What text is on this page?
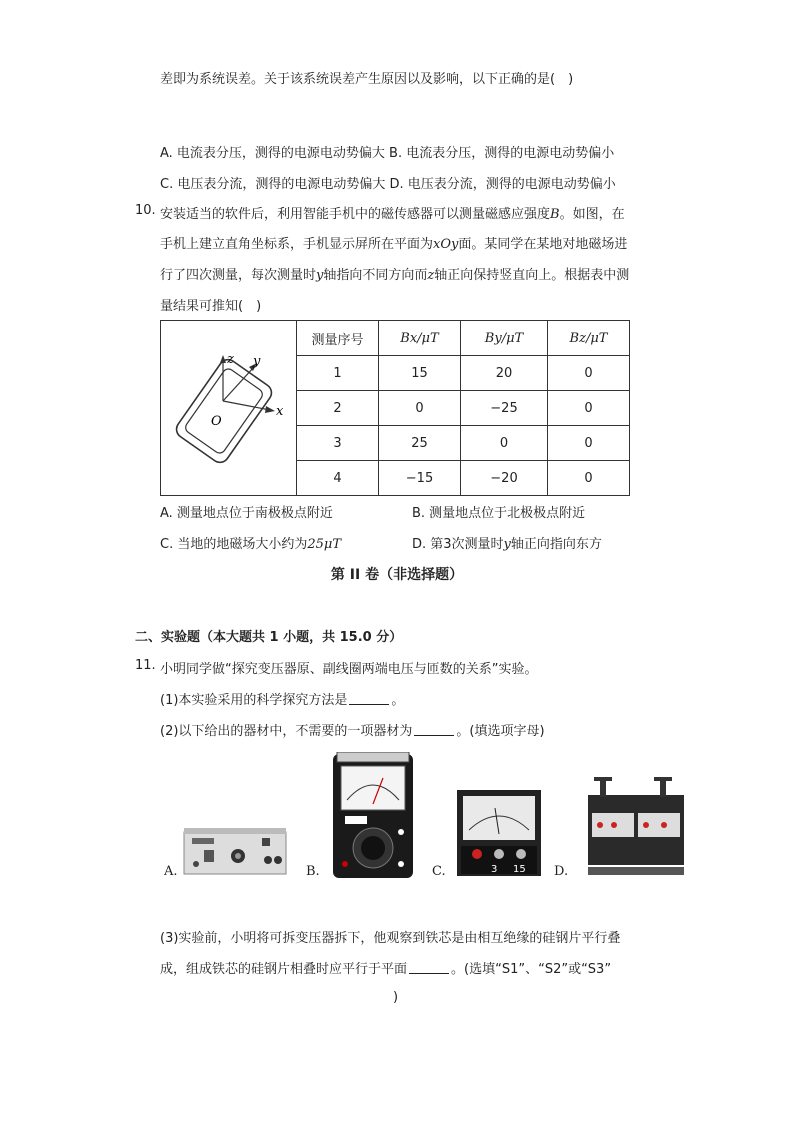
差即为系统误差。关于该系统误差产生原因以及影响，以下正确的是(　)
A. 电流表分压，测得的电源电动势偏大 B. 电流表分压，测得的电源电动势偏小
C. 电压表分流，测得的电源电动势偏大 D. 电压表分流，测得的电源电动势偏小
10. 安装适当的软件后，利用智能手机中的磁传感器可以测量磁感应强度B。如图，在
手机上建立直角坐标系，手机显示屏所在平面为xOy面。某同学在某地对地磁场进
行了四次测量，每次测量时y轴指向不同方向而z轴正向保持竖直向上。根据表中测
量结果可推知(　)
z y
x
O	测量序号	Bx/μT	By/μT	Bz/μT
	1	15	20	0
	2	0	−25	0
	3	25	0	0
	4	−15	−20	0
A. 测量地点位于南极极点附近	B. 测量地点位于北极极点附近
C. 当地的地磁场大小约为25μT	D. 第3次测量时y轴正向指向东方
第 II 卷（非选择题）
二、实验题（本大题共 1 小题，共 15.0 分）
11. 小明同学做“探究变压器原、副线圈两端电压与匝数的关系”实验。
(1)本实验采用的科学探究方法是	。
(2)以下给出的器材中，不需要的一项器材为	。(填选项字母)
A.	B.	3 15
C.	D.
(3)实验前，小明将可拆变压器拆下，他观察到铁芯是由相互绝缘的硅钢片平行叠
成，组成铁芯的硅钢片相叠时应平行于平面	。(选填“S1”、“S2”或“S3”
)
